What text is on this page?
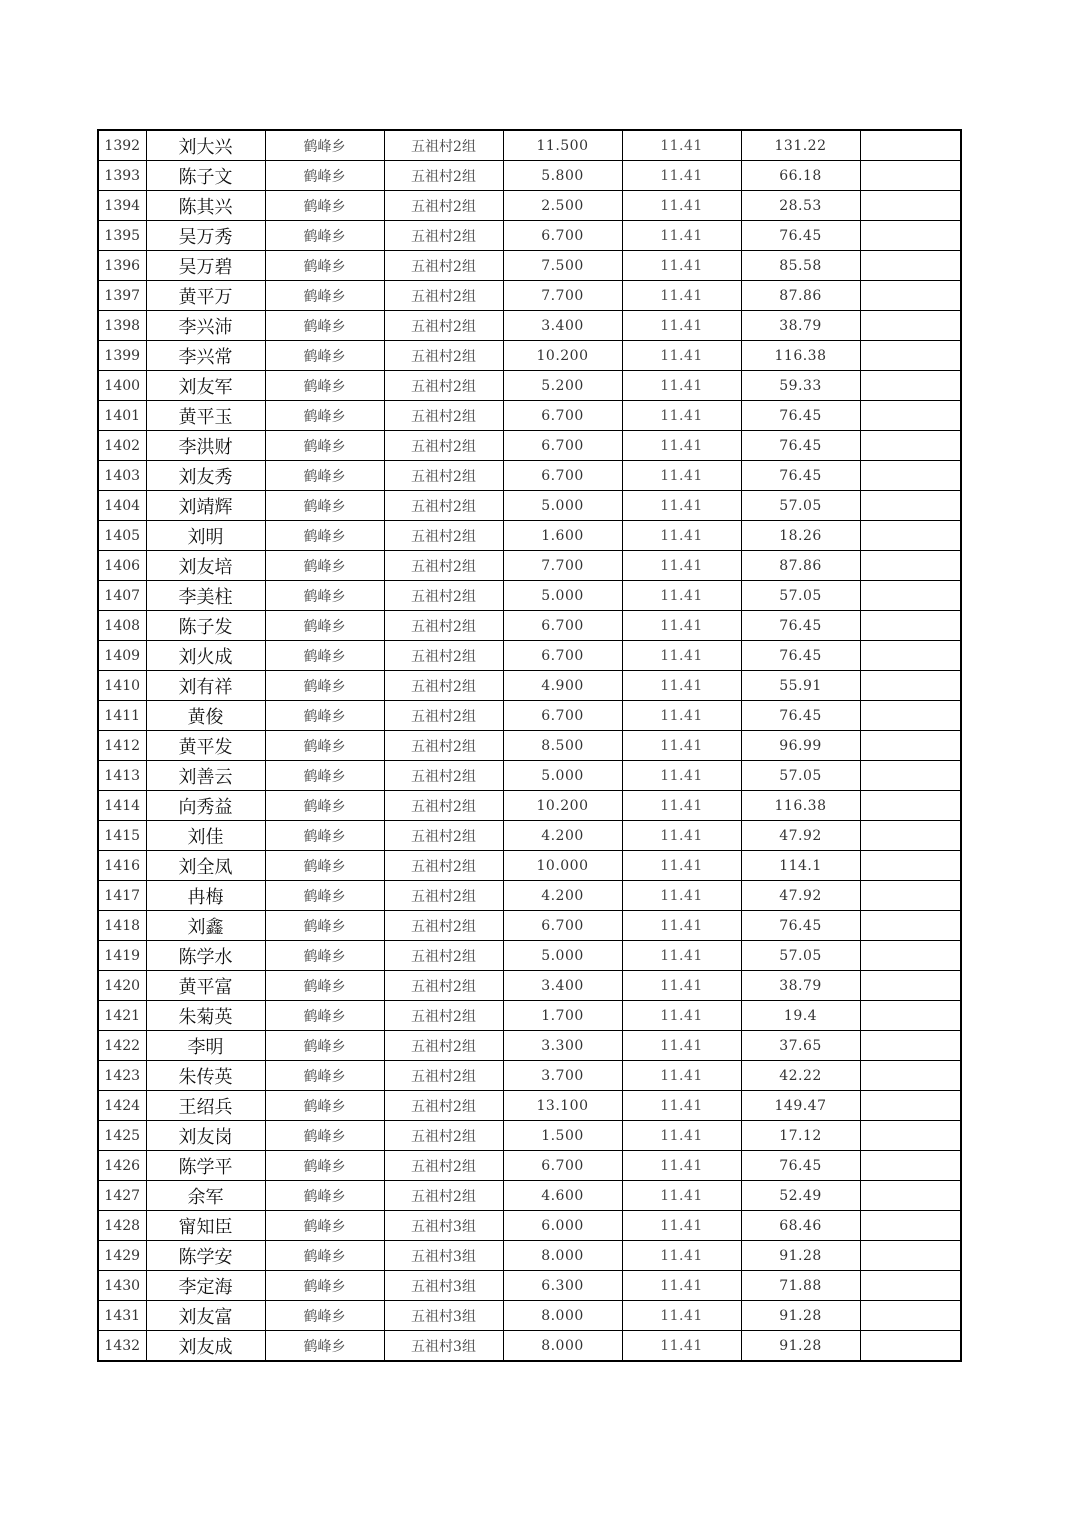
1392	刘大兴	鹤峰乡	五祖村2组	11.500	11.41	131.22	
1393	陈子文	鹤峰乡	五祖村2组	5.800	11.41	66.18	
1394	陈其兴	鹤峰乡	五祖村2组	2.500	11.41	28.53	
1395	吴万秀	鹤峰乡	五祖村2组	6.700	11.41	76.45	
1396	吴万碧	鹤峰乡	五祖村2组	7.500	11.41	85.58	
1397	黄平万	鹤峰乡	五祖村2组	7.700	11.41	87.86	
1398	李兴沛	鹤峰乡	五祖村2组	3.400	11.41	38.79	
1399	李兴常	鹤峰乡	五祖村2组	10.200	11.41	116.38	
1400	刘友军	鹤峰乡	五祖村2组	5.200	11.41	59.33	
1401	黄平玉	鹤峰乡	五祖村2组	6.700	11.41	76.45	
1402	李洪财	鹤峰乡	五祖村2组	6.700	11.41	76.45	
1403	刘友秀	鹤峰乡	五祖村2组	6.700	11.41	76.45	
1404	刘靖辉	鹤峰乡	五祖村2组	5.000	11.41	57.05	
1405	刘明	鹤峰乡	五祖村2组	1.600	11.41	18.26	
1406	刘友培	鹤峰乡	五祖村2组	7.700	11.41	87.86	
1407	李美柱	鹤峰乡	五祖村2组	5.000	11.41	57.05	
1408	陈子发	鹤峰乡	五祖村2组	6.700	11.41	76.45	
1409	刘火成	鹤峰乡	五祖村2组	6.700	11.41	76.45	
1410	刘有祥	鹤峰乡	五祖村2组	4.900	11.41	55.91	
1411	黄俊	鹤峰乡	五祖村2组	6.700	11.41	76.45	
1412	黄平发	鹤峰乡	五祖村2组	8.500	11.41	96.99	
1413	刘善云	鹤峰乡	五祖村2组	5.000	11.41	57.05	
1414	向秀益	鹤峰乡	五祖村2组	10.200	11.41	116.38	
1415	刘佳	鹤峰乡	五祖村2组	4.200	11.41	47.92	
1416	刘全凤	鹤峰乡	五祖村2组	10.000	11.41	114.1	
1417	冉梅	鹤峰乡	五祖村2组	4.200	11.41	47.92	
1418	刘鑫	鹤峰乡	五祖村2组	6.700	11.41	76.45	
1419	陈学水	鹤峰乡	五祖村2组	5.000	11.41	57.05	
1420	黄平富	鹤峰乡	五祖村2组	3.400	11.41	38.79	
1421	朱菊英	鹤峰乡	五祖村2组	1.700	11.41	19.4	
1422	李明	鹤峰乡	五祖村2组	3.300	11.41	37.65	
1423	朱传英	鹤峰乡	五祖村2组	3.700	11.41	42.22	
1424	王绍兵	鹤峰乡	五祖村2组	13.100	11.41	149.47	
1425	刘友岗	鹤峰乡	五祖村2组	1.500	11.41	17.12	
1426	陈学平	鹤峰乡	五祖村2组	6.700	11.41	76.45	
1427	余军	鹤峰乡	五祖村2组	4.600	11.41	52.49	
1428	甯知臣	鹤峰乡	五祖村3组	6.000	11.41	68.46	
1429	陈学安	鹤峰乡	五祖村3组	8.000	11.41	91.28	
1430	李定海	鹤峰乡	五祖村3组	6.300	11.41	71.88	
1431	刘友富	鹤峰乡	五祖村3组	8.000	11.41	91.28	
1432	刘友成	鹤峰乡	五祖村3组	8.000	11.41	91.28	
